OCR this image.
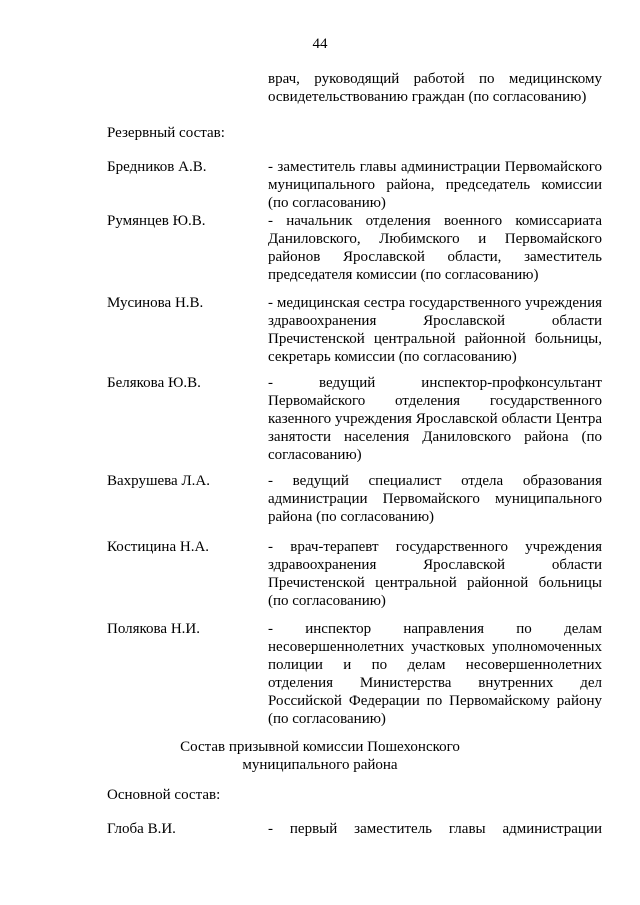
44
врач, руководящий работой по медицинскому
освидетельствованию граждан (по согласованию)
Резервный состав:
Бредников А.В.	- заместитель главы администрации Первомайского муниципального района, председатель комиссии (по согласованию)
Румянцев Ю.В.	- начальник отделения военного комиссариата Даниловского, Любимского и Первомайского районов Ярославской области, заместитель председателя комиссии (по согласованию)
Мусинова Н.В.	- медицинская сестра государственного учреждения здравоохранения Ярославской области Пречистенской центральной районной больницы, секретарь комиссии (по согласованию)
Белякова Ю.В.	- ведущий инспектор-профконсультант Первомайского отделения государственного казенного учреждения Ярославской области Центра занятости населения Даниловского района (по согласованию)
Вахрушева Л.А.	- ведущий специалист отдела образования администрации Первомайского муниципального района (по согласованию)
Костицина Н.А.	- врач-терапевт государственного учреждения здравоохранения Ярославской области Пречистенской центральной районной больницы (по согласованию)
Полякова Н.И.	- инспектор направления по делам несовершеннолетних участковых уполномоченных полиции и по делам несовершеннолетних отделения Министерства внутренних дел Российской Федерации по Первомайскому району (по согласованию)
Состав призывной комиссии Пошехонского
муниципального района
Основной состав:
Глоба В.И.	- первый заместитель главы администрации
